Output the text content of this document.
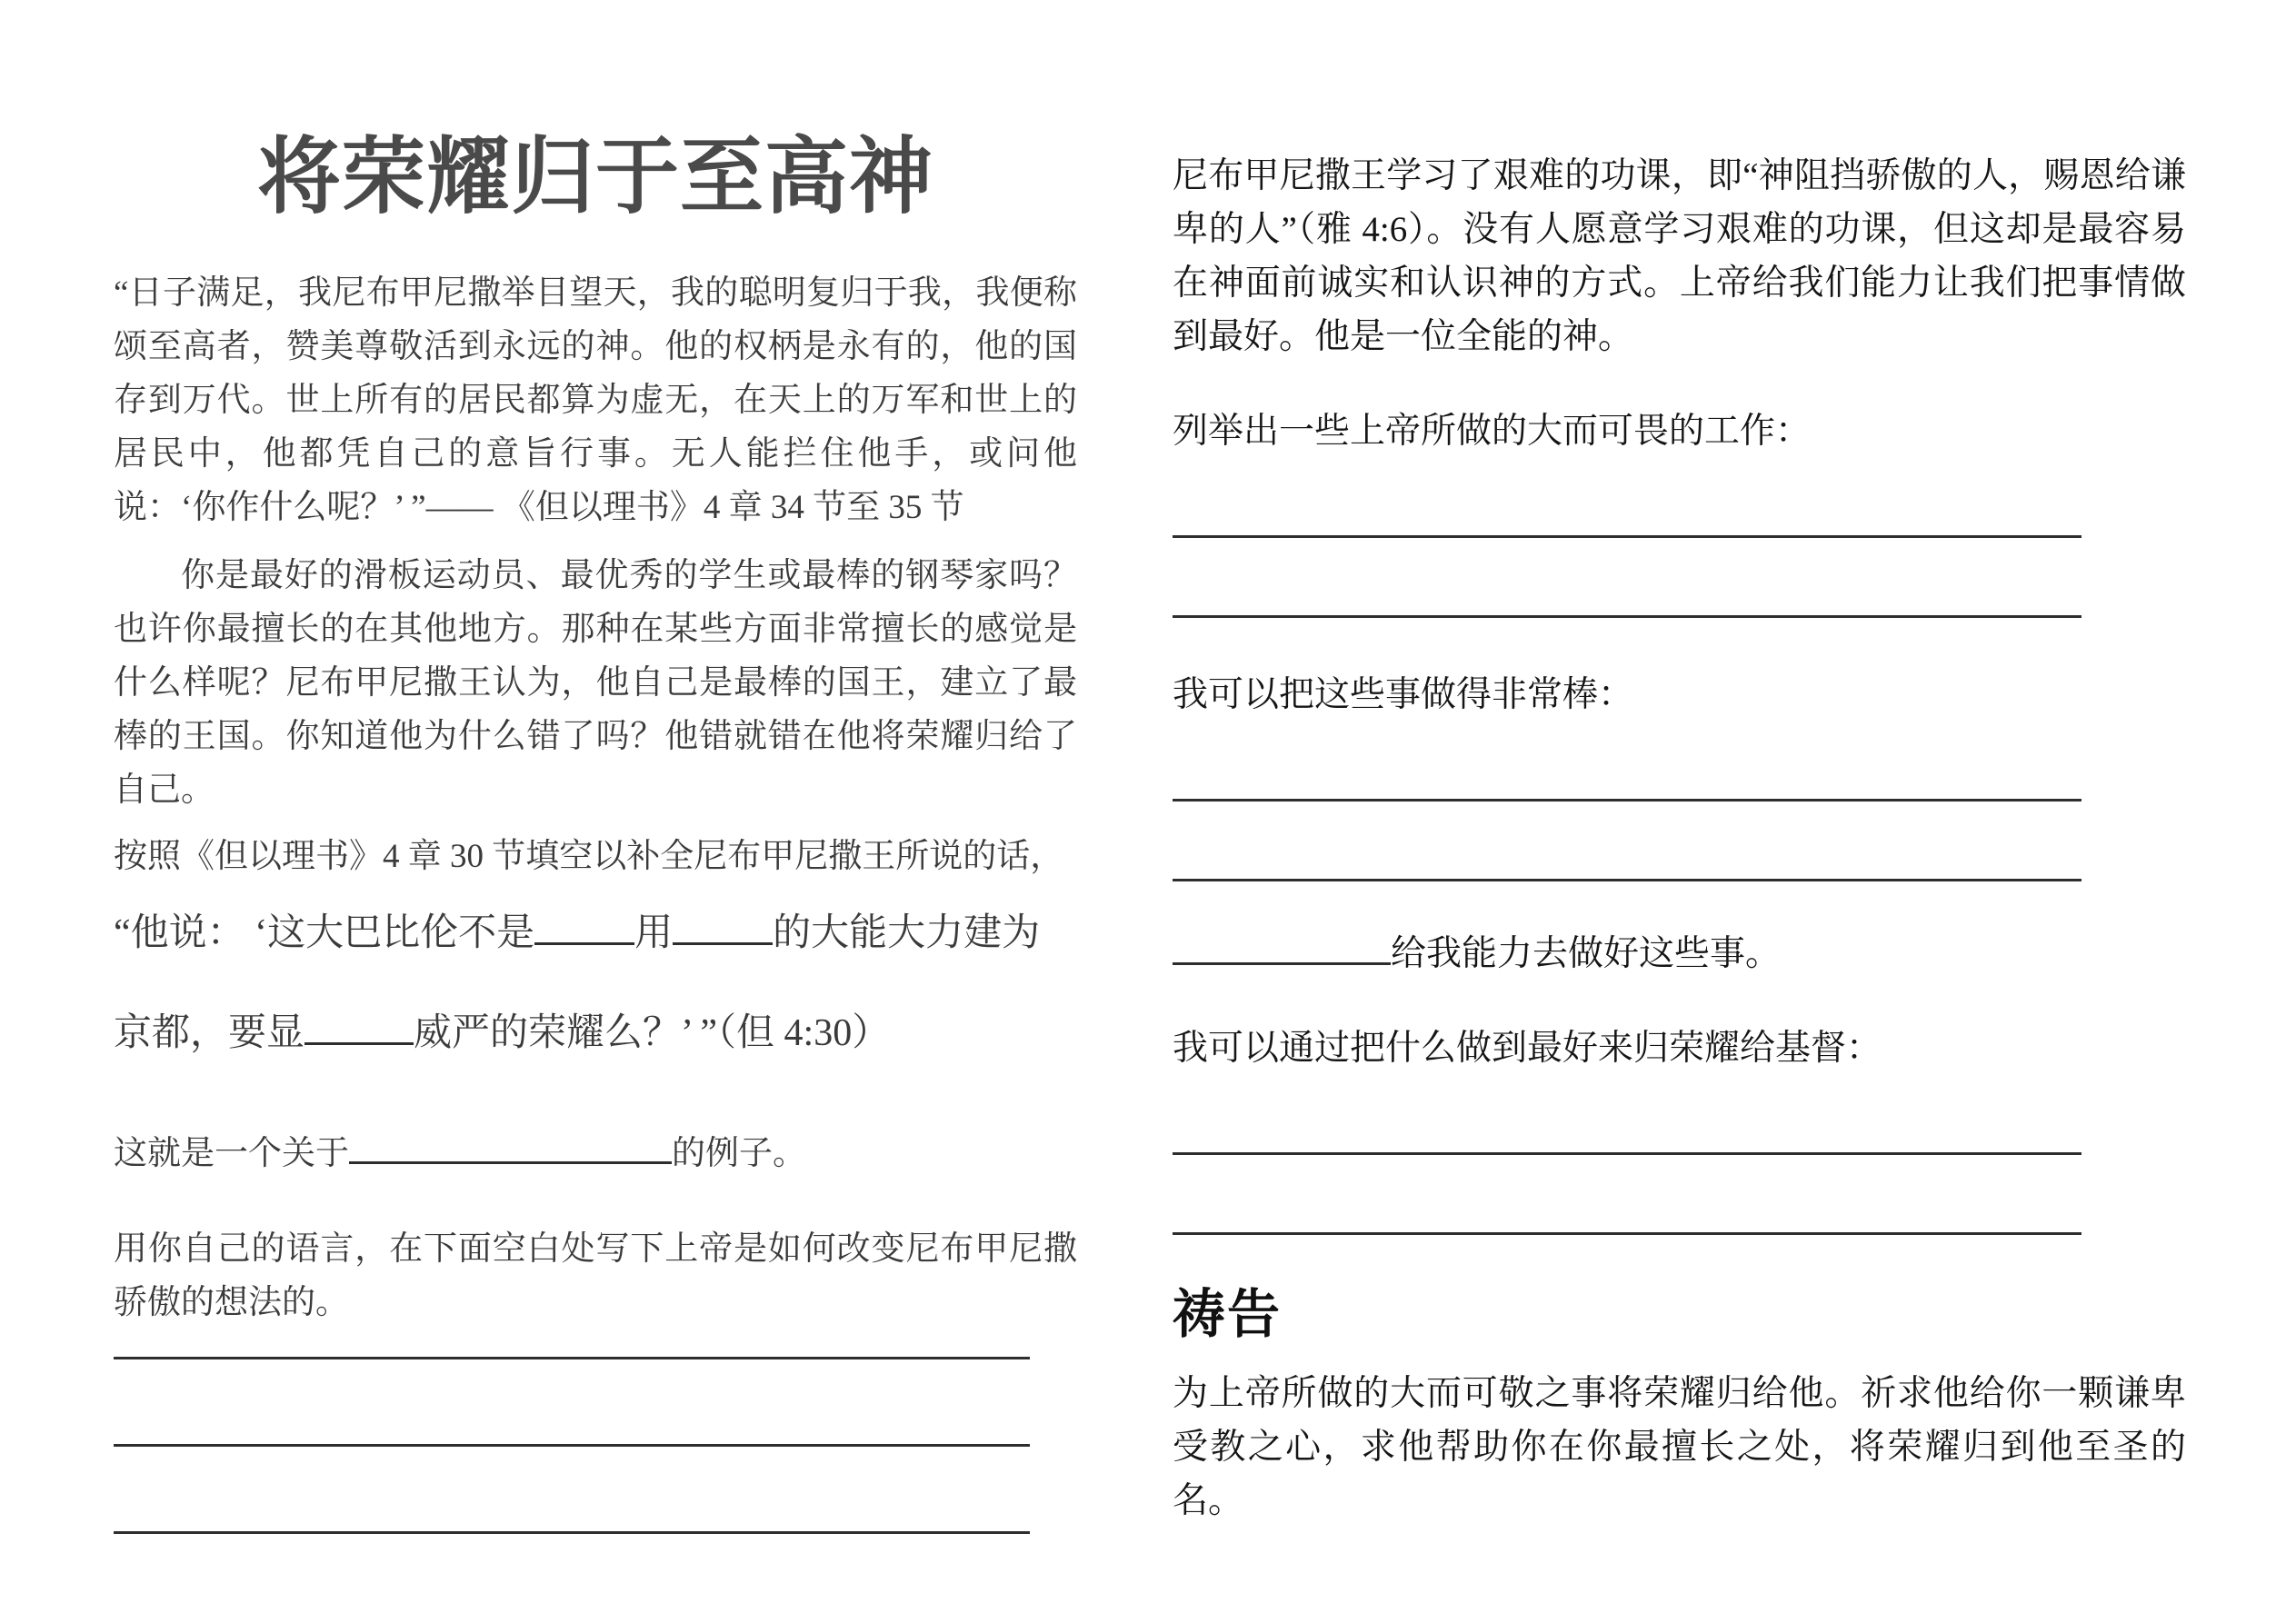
将荣耀归于至高神

“日子满足，我尼布甲尼撒举目望天，我的聪明复归于我，我便称颂至高者，赞美尊敬活到永远的神。他的权柄是永有的，他的国存到万代。世上所有的居民都算为虚无，在天上的万军和世上的居民中，他都凭自己的意旨行事。无人能拦住他手，或问他说：‘你作什么呢？’ ”—— 《但以理书》4 章 34 节至 35 节

你是最好的滑板运动员、最优秀的学生或最棒的钢琴家吗？也许你最擅长的在其他地方。那种在某些方面非常擅长的感觉是什么样呢？尼布甲尼撒王认为，他自己是最棒的国王，建立了最棒的王国。你知道他为什么错了吗？他错就错在他将荣耀归给了自己。

按照《但以理书》4 章 30 节填空以补全尼布甲尼撒王所说的话，

“他说： ‘这大巴比伦不是	用	的大能大力建为
京都，要显	威严的荣耀么？’ ”（但 4:30）

这就是一个关于	的例子。

用你自己的语言，在下面空白处写下上帝是如何改变尼布甲尼撒骄傲的想法的。

尼布甲尼撒王学习了艰难的功课，即“神阻挡骄傲的人，赐恩给谦卑的人”（雅 4:6）。没有人愿意学习艰难的功课，但这却是最容易在神面前诚实和认识神的方式。上帝给我们能力让我们把事情做到最好。他是一位全能的神。

列举出一些上帝所做的大而可畏的工作：

我可以把这些事做得非常棒：

给我能力去做好这些事。

我可以通过把什么做到最好来归荣耀给基督：

祷告

为上帝所做的大而可敬之事将荣耀归给他。祈求他给你一颗谦卑受教之心，求他帮助你在你最擅长之处，将荣耀归到他至圣的名。
